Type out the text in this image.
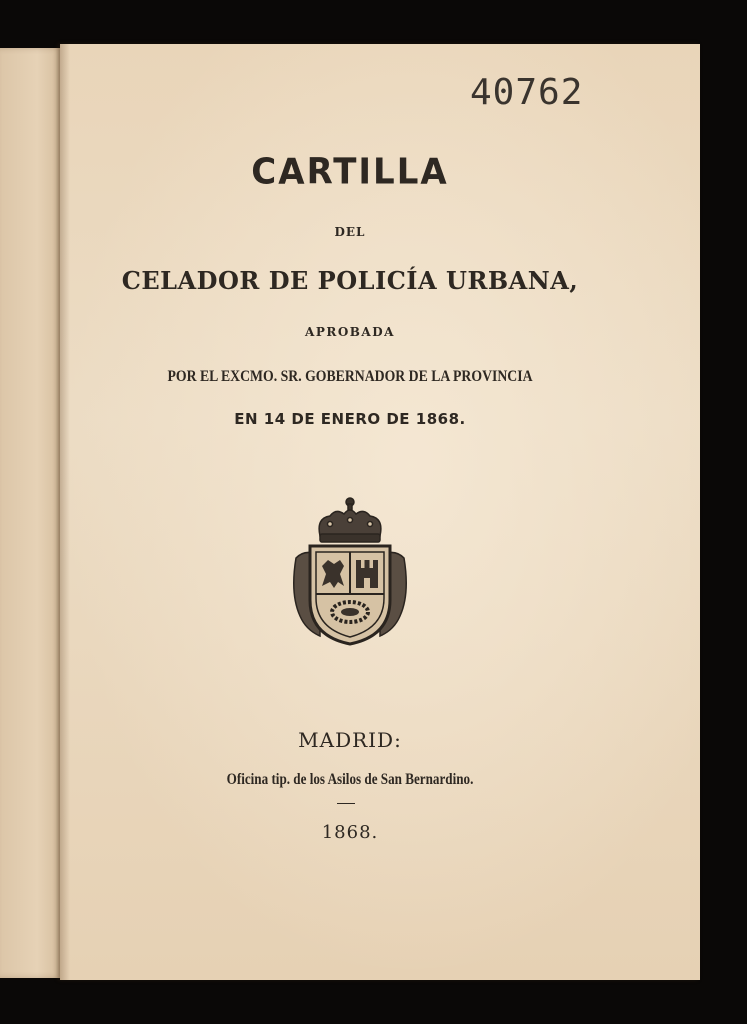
40762
CARTILLA
DEL
CELADOR DE POLICÍA URBANA,
APROBADA
POR EL EXCMO. SR. GOBERNADOR DE LA PROVINCIA
EN 14 DE ENERO DE 1868.
MADRID:
Oficina tip. de los Asilos de San Bernardino.
1868.
